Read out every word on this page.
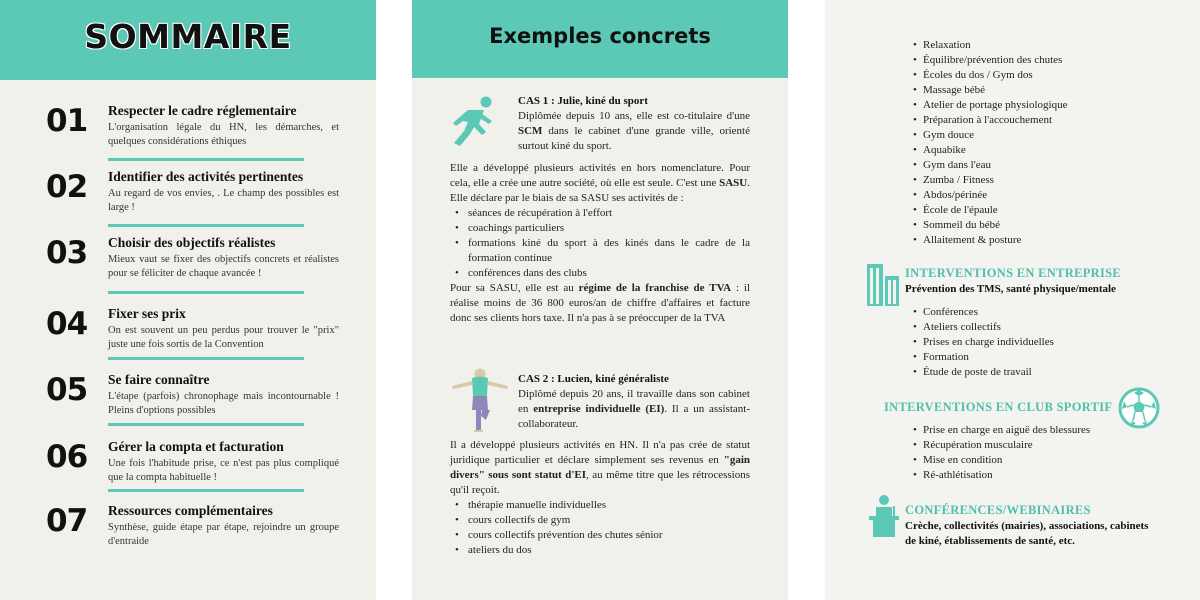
SOMMAIRE
01	Respecter le cadre réglementaire
L'organisation légale du HN, les démarches, et quelques considérations éthiques
02	Identifier des activités pertinentes
Au regard de vos envies, . Le champ des possibles est large !
03	Choisir des objectifs réalistes
Mieux vaut se fixer des objectifs concrets et réalistes pour se féliciter de chaque avancée !
04	Fixer ses prix
On est souvent un peu perdus pour trouver le "prix" juste une fois sortis de la Convention
05	Se faire connaître
L'étape (parfois) chronophage mais incontournable ! Pleins d'options possibles
06	Gérer la compta et facturation
Une fois l'habitude prise, ce n'est pas plus compliqué que la compta habituelle !
07	Ressources complémentaires
Synthèse, guide étape par étape, rejoindre un groupe d'entraide
Exemples concrets
CAS 1 : Julie, kiné du sport
Diplômée depuis 10 ans, elle est co-titulaire d'une SCM dans le cabinet d'une grande ville, orienté surtout kiné du sport.
Elle a développé plusieurs activités en hors nomenclature. Pour cela, elle a crée une autre société, où elle est seule. C'est une SASU. Elle déclare par le biais de sa SASU ses activités de :
• séances de récupération à l'effort
• coachings particuliers
• formations kiné du sport à des kinés dans le cadre de la formation continue
• conférences dans des clubs
Pour sa SASU, elle est au régime de la franchise de TVA : il réalise moins de 36 800 euros/an de chiffre d'affaires et facture donc ses clients hors taxe. Il n'a pas à se préoccuper de la TVA
CAS 2 : Lucien, kiné généraliste
Diplômé depuis 20 ans, il travaille dans son cabinet en entreprise individuelle (EI). Il a un assistant-collaborateur.
Il a développé plusieurs activités en HN. Il n'a pas crée de statut juridique particulier et déclare simplement ses revenus en "gain divers" sous sont statut d'EI, au même titre que les rétrocessions qu'il reçoit.
• thérapie manuelle individuelles
• cours collectifs de gym
• cours collectifs prévention des chutes sénior
• ateliers du dos
• Relaxation
• Équilibre/prévention des chutes
• Écoles du dos / Gym dos
• Massage bébé
• Atelier de portage physiologique
• Préparation à l'accouchement
• Gym douce
• Aquabike
• Gym dans l'eau
• Zumba / Fitness
• Abdos/périnée
• École de l'épaule
• Sommeil du bébé
• Allaitement & posture
INTERVENTIONS EN ENTREPRISE
Prévention des TMS, santé physique/mentale
• Conférences
• Ateliers collectifs
• Prises en charge individuelles
• Formation
• Étude de poste de travail
INTERVENTIONS EN CLUB SPORTIF
• Prise en charge en aiguë des blessures
• Récupération musculaire
• Mise en condition
• Ré-athlétisation
CONFÉRENCES/WEBINAIRES
Crèche, collectivités (mairies), associations, cabinets de kiné, établissements de santé, etc.
